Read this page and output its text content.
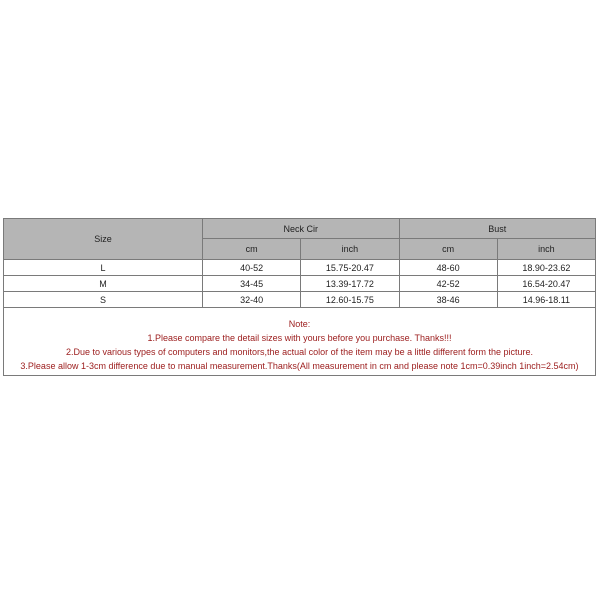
Size	Neck Cir		Bust	
	cm	inch	cm	inch
L	40-52	15.75-20.47	48-60	18.90-23.62
M	34-45	13.39-17.72	42-52	16.54-20.47
S	32-40	12.60-15.75	38-46	14.96-18.11
Note:
1.Please compare the detail sizes with yours before you purchase. Thanks!!!
2.Due to various types of computers and monitors,the actual color of the item may be a little different form the picture.
3.Please allow 1-3cm difference due to manual measurement.Thanks(All measurement in cm and please note 1cm=0.39inch 1inch=2.54cm)
